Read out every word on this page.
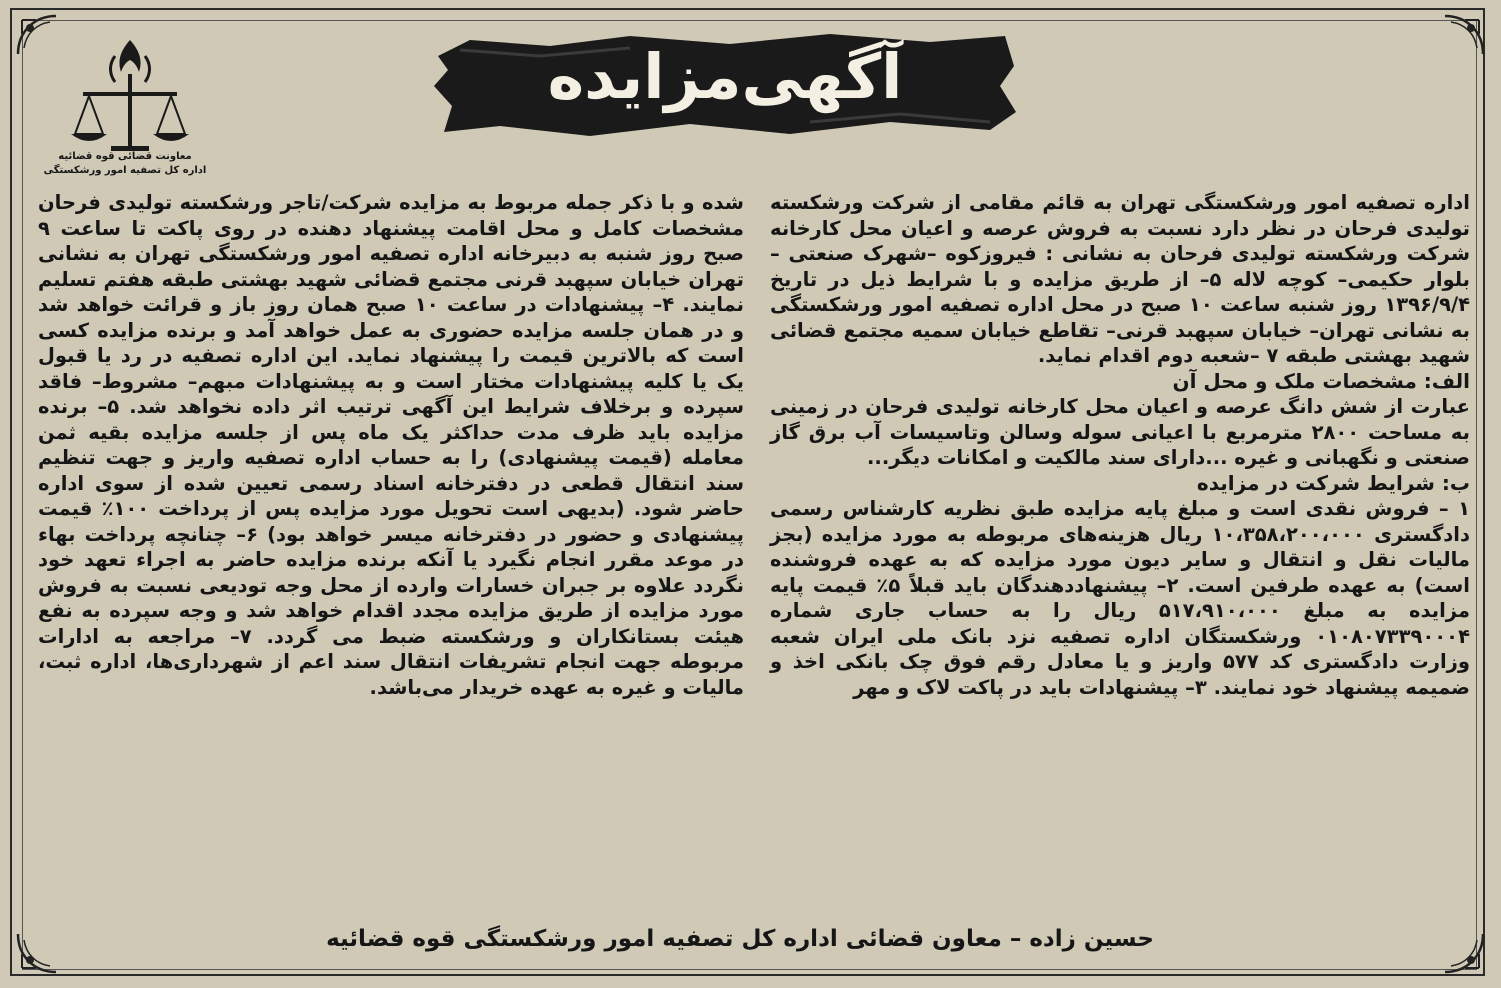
آگهی‌مزایده
معاونت قضائی قوه قضائیه
اداره کل تصفیه امور ورشکستگی

اداره تصفیه امور ورشکستگی تهران به قائم مقامی از شرکت ورشکسته تولیدی فرحان در نظر دارد نسبت به فروش عرصه و اعیان محل کارخانه شرکت ورشکسته تولیدی فرحان به نشانی : فیروزکوه –شهرک صنعتی –بلوار حکیمی– کوچه لاله ۵– از طریق مزایده و با شرایط ذیل در تاریخ ۱۳۹۶/۹/۴ روز شنبه ساعت ۱۰ صبح در محل اداره تصفیه امور ورشکستگی به نشانی تهران– خیابان سپهبد قرنی– تقاطع خیابان سمیه مجتمع قضائی شهید بهشتی طبقه ۷ –شعبه دوم اقدام نماید.

الف: مشخصات ملک و محل آن

عبارت از شش دانگ عرصه و اعیان محل کارخانه تولیدی فرحان در زمینی به مساحت ۲۸۰۰ مترمربع با اعیانی سوله وسالن وتاسیسات آب برق گاز صنعتی و نگهبانی و غیره ...دارای سند مالکیت و امکانات دیگر...

ب: شرایط شرکت در مزایده

۱ – فروش نقدی است و مبلغ پایه مزایده طبق نظریه کارشناس رسمی دادگستری ۱۰،۳۵۸،۲۰۰،۰۰۰ ریال هزینه‌های مربوطه به مورد مزایده (بجز مالیات نقل و انتقال و سایر دیون مورد مزایده که به عهده فروشنده است) به عهده طرفین است. ۲– پیشنهاددهندگان باید قبلاً ۵٪ قیمت پایه مزایده به مبلغ ۵۱۷،۹۱۰،۰۰۰ ریال را به حساب جاری شماره ۰۱۰۸۰۷۳۳۹۰۰۰۴ ورشکستگان اداره تصفیه نزد بانک ملی ایران شعبه وزارت دادگستری کد ۵۷۷ واریز و یا معادل رقم فوق چک بانکی اخذ و ضمیمه پیشنهاد خود نمایند. ۳– پیشنهادات باید در پاکت لاک و مهر

شده و با ذکر جمله مربوط به مزایده شرکت/تاجر ورشکسته تولیدی فرحان مشخصات کامل و محل اقامت پیشنهاد دهنده در روی پاکت تا ساعت ۹ صبح روز شنبه به دبیرخانه اداره تصفیه امور ورشکستگی تهران به نشانی تهران خیابان سپهبد قرنی مجتمع قضائی شهید بهشتی طبقه هفتم تسلیم نمایند. ۴– پیشنهادات در ساعت ۱۰ صبح همان روز باز و قرائت خواهد شد و در همان جلسه مزایده حضوری به عمل خواهد آمد و برنده مزایده کسی است که بالاترین قیمت را پیشنهاد نماید. این اداره تصفیه در رد یا قبول یک یا کلیه پیشنهادات مختار است و به پیشنهادات مبهم– مشروط– فاقد سپرده و برخلاف شرایط این آگهی ترتیب اثر داده نخواهد شد. ۵– برنده مزایده باید ظرف مدت حداکثر یک ماه پس از جلسه مزایده بقیه ثمن معامله (قیمت پیشنهادی) را به حساب اداره تصفیه واریز و جهت تنظیم سند انتقال قطعی در دفترخانه اسناد رسمی تعیین شده از سوی اداره حاضر شود. (بدیهی است تحویل مورد مزایده پس از پرداخت ۱۰۰٪ قیمت پیشنهادی و حضور در دفترخانه میسر خواهد بود) ۶– چنانچه پرداخت بهاء در موعد مقرر انجام نگیرد یا آنکه برنده مزایده حاضر به اجراء تعهد خود نگردد علاوه بر جبران خسارات وارده از محل وجه تودیعی نسبت به فروش مورد مزایده از طریق مزایده مجدد اقدام خواهد شد و وجه سپرده به نفع هیئت بستانکاران و ورشکسته ضبط می گردد. ۷– مراجعه به ادارات مربوطه جهت انجام تشریفات انتقال سند اعم از شهرداری‌ها، اداره ثبت، مالیات و غیره به عهده خریدار می‌باشد.

حسین زاده – معاون قضائی اداره کل تصفیه امور ورشکستگی قوه قضائیه
